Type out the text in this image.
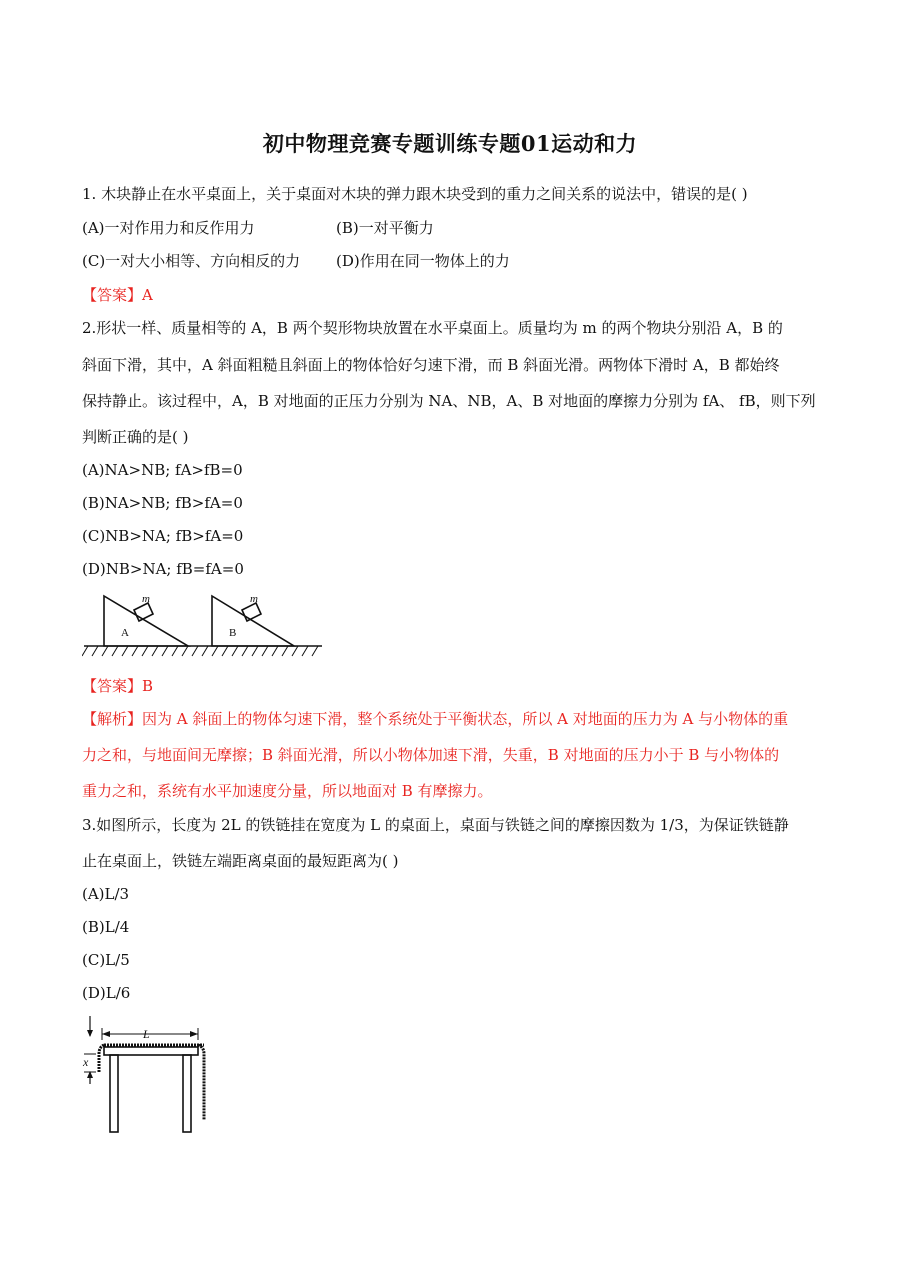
初中物理竞赛专题训练专题01运动和力
1. 木块静止在水平桌面上，关于桌面对木块的弹力跟木块受到的重力之间关系的说法中，错误的是( )
(A)一对作用力和反作用力	(B)一对平衡力
(C)一对大小相等、方向相反的力 (D)作用在同一物体上的力
【答案】A
2.形状一样、质量相等的 A，B 两个契形物块放置在水平桌面上。质量均为 m 的两个物块分别沿 A，B 的
斜面下滑，其中，A 斜面粗糙且斜面上的物体恰好匀速下滑，而 B 斜面光滑。两物体下滑时 A，B 都始终
保持静止。该过程中，A，B 对地面的正压力分别为 NA、NB，A、B 对地面的摩擦力分别为 fA、 fB，则下列
判断正确的是( )
(A)NA>NB; fA>fB=0
(B)NA>NB; fB>fA=0
(C)NB>NA; fB>fA=0
(D)NB>NA; fB=fA=0
m	m
A	B
【答案】B
【解析】因为 A 斜面上的物体匀速下滑，整个系统处于平衡状态，所以 A 对地面的压力为 A 与小物体的重
力之和，与地面间无摩擦；B 斜面光滑，所以小物体加速下滑，失重，B 对地面的压力小于 B 与小物体的
重力之和，系统有水平加速度分量，所以地面对 B 有摩擦力。
3.如图所示，长度为 2L 的铁链挂在宽度为 L 的桌面上，桌面与铁链之间的摩擦因数为 1/3，为保证铁链静
止在桌面上，铁链左端距离桌面的最短距离为( )
(A)L/3
(B)L/4
(C)L/5
(D)L/6
L
x
